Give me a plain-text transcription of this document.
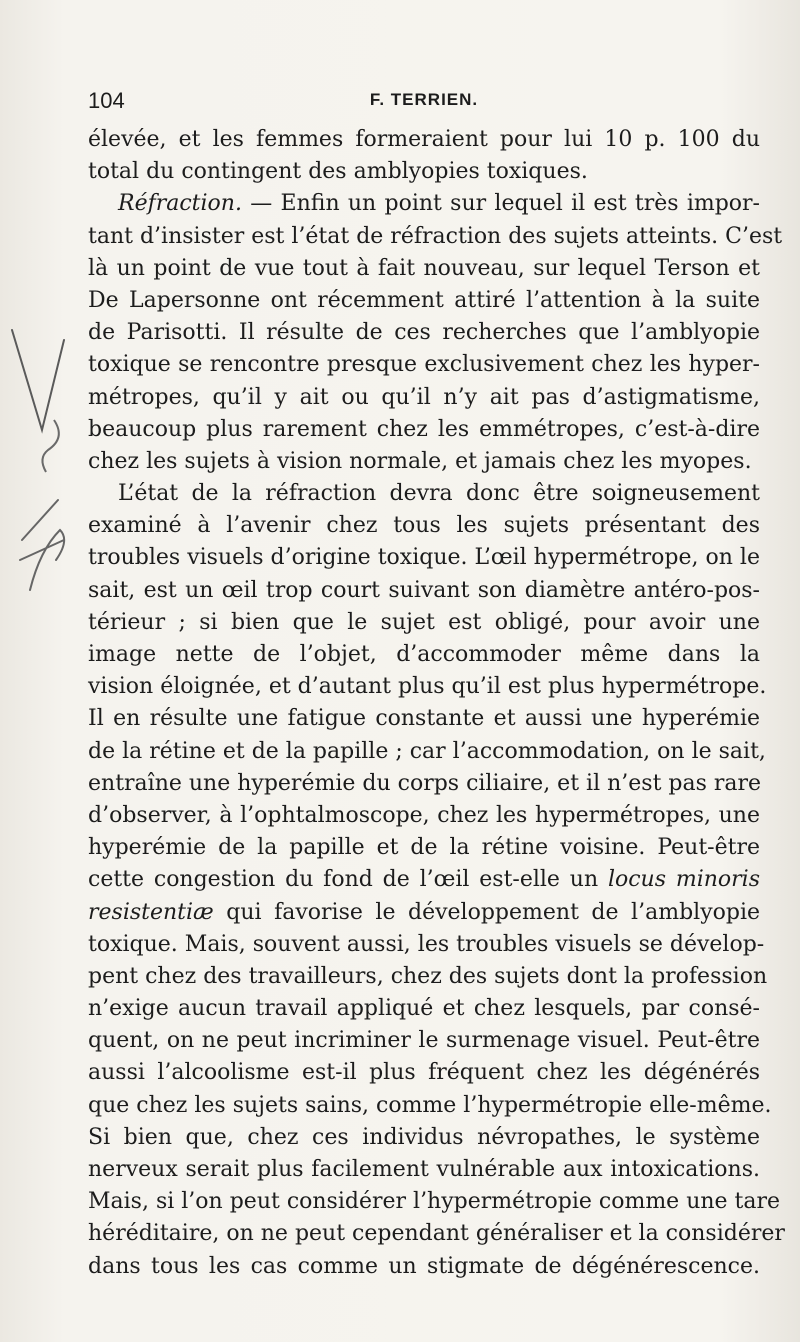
104	F. TERRIEN.
élevée, et les femmes formeraient pour lui 10 p. 100 du
total du contingent des amblyopies toxiques.
Réfraction. — Enfin un point sur lequel il est très impor-
tant d’insister est l’état de réfraction des sujets atteints. C’est
là un point de vue tout à fait nouveau, sur lequel Terson et
De Lapersonne ont récemment attiré l’attention à la suite
de Parisotti. Il résulte de ces recherches que l’amblyopie
toxique se rencontre presque exclusivement chez les hyper-
métropes, qu’il y ait ou qu’il n’y ait pas d’astigmatisme,
beaucoup plus rarement chez les emmétropes, c’est-à-dire
chez les sujets à vision normale, et jamais chez les myopes.
L’état de la réfraction devra donc être soigneusement
examiné à l’avenir chez tous les sujets présentant des
troubles visuels d’origine toxique. L’œil hypermétrope, on le
sait, est un œil trop court suivant son diamètre antéro-pos-
térieur ; si bien que le sujet est obligé, pour avoir une
image nette de l’objet, d’accommoder même dans la
vision éloignée, et d’autant plus qu’il est plus hypermétrope.
Il en résulte une fatigue constante et aussi une hyperémie
de la rétine et de la papille ; car l’accommodation, on le sait,
entraîne une hyperémie du corps ciliaire, et il n’est pas rare
d’observer, à l’ophtalmoscope, chez les hypermétropes, une
hyperémie de la papille et de la rétine voisine. Peut-être
cette congestion du fond de l’œil est-elle un locus minoris
resistentiæ qui favorise le développement de l’amblyopie
toxique. Mais, souvent aussi, les troubles visuels se dévelop-
pent chez des travailleurs, chez des sujets dont la profession
n’exige aucun travail appliqué et chez lesquels, par consé-
quent, on ne peut incriminer le surmenage visuel. Peut-être
aussi l’alcoolisme est-il plus fréquent chez les dégénérés
que chez les sujets sains, comme l’hypermétropie elle-même.
Si bien que, chez ces individus névropathes, le système
nerveux serait plus facilement vulnérable aux intoxications.
Mais, si l’on peut considérer l’hypermétropie comme une tare
héréditaire, on ne peut cependant généraliser et la considérer
dans tous les cas comme un stigmate de dégénérescence.
